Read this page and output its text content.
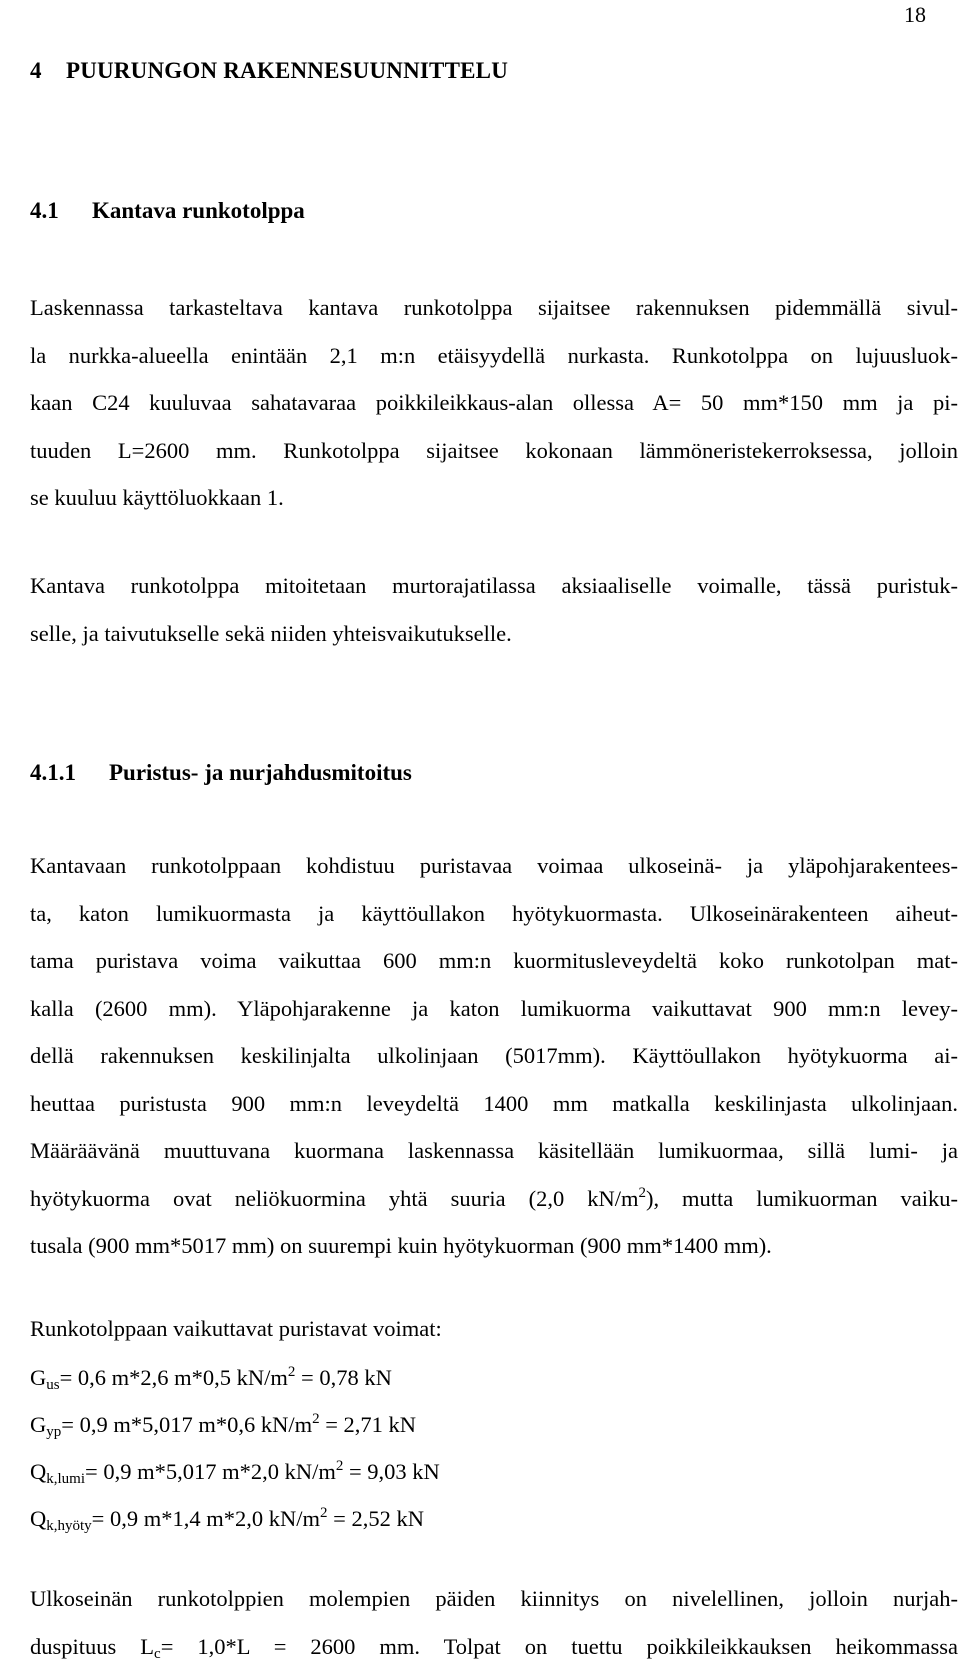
18
4 PUURUNGON RAKENNESUUNNITTELU
4.1 Kantava runkotolppa
Laskennassa tarkasteltava kantava runkotolppa sijaitsee rakennuksen pidemmällä sivul-
la nurkka-alueella enintään 2,1 m:n etäisyydellä nurkasta. Runkotolppa on lujuusluok-
kaan C24 kuuluvaa sahatavaraa poikkileikkaus-alan ollessa A= 50 mm*150 mm ja pi-
tuuden L=2600 mm. Runkotolppa sijaitsee kokonaan lämmöneristekerroksessa, jolloin
se kuuluu käyttöluokkaan 1.
Kantava runkotolppa mitoitetaan murtorajatilassa aksiaaliselle voimalle, tässä puristuk-
selle, ja taivutukselle sekä niiden yhteisvaikutukselle.
4.1.1 Puristus- ja nurjahdusmitoitus
Kantavaan runkotolppaan kohdistuu puristavaa voimaa ulkoseinä- ja yläpohjarakentees-
ta, katon lumikuormasta ja käyttöullakon hyötykuormasta. Ulkoseinärakenteen aiheut-
tama puristava voima vaikuttaa 600 mm:n kuormitusleveydeltä koko runkotolpan mat-
kalla (2600 mm). Yläpohjarakenne ja katon lumikuorma vaikuttavat 900 mm:n levey-
dellä rakennuksen keskilinjalta ulkolinjaan (5017mm). Käyttöullakon hyötykuorma ai-
heuttaa puristusta 900 mm:n leveydeltä 1400 mm matkalla keskilinjasta ulkolinjaan.
Määräävänä muuttuvana kuormana laskennassa käsitellään lumikuormaa, sillä lumi- ja
hyötykuorma ovat neliökuormina yhtä suuria (2,0 $kN/m^2$), mutta lumikuorman vaiku-
tusala (900 mm*5017 mm) on suurempi kuin hyötykuorman (900 mm*1400 mm).
Runkotolppaan vaikuttavat puristavat voimat:
$G_{us}= 0,6$ m*2,6 m*0,5 $kN/m^2 = 0,78$ kN
$G_{yp}= 0,9$ m*5,017 m*0,6 $kN/m^2 = 2,71$ kN
$Q_{k,lumi}= 0,9$ m*5,017 m*2,0 $kN/m^2 = 9,03$ kN
$Q_{k,hyöty}= 0,9$ m*1,4 m*2,0 $kN/m^2 = 2,52$ kN
Ulkoseinän runkotolppien molempien päiden kiinnitys on nivelellinen, jolloin nurjah-
duspituus $L_c= 1,0*L = 2600$ mm. Tolpat on tuettu poikkileikkauksen heikommassa
